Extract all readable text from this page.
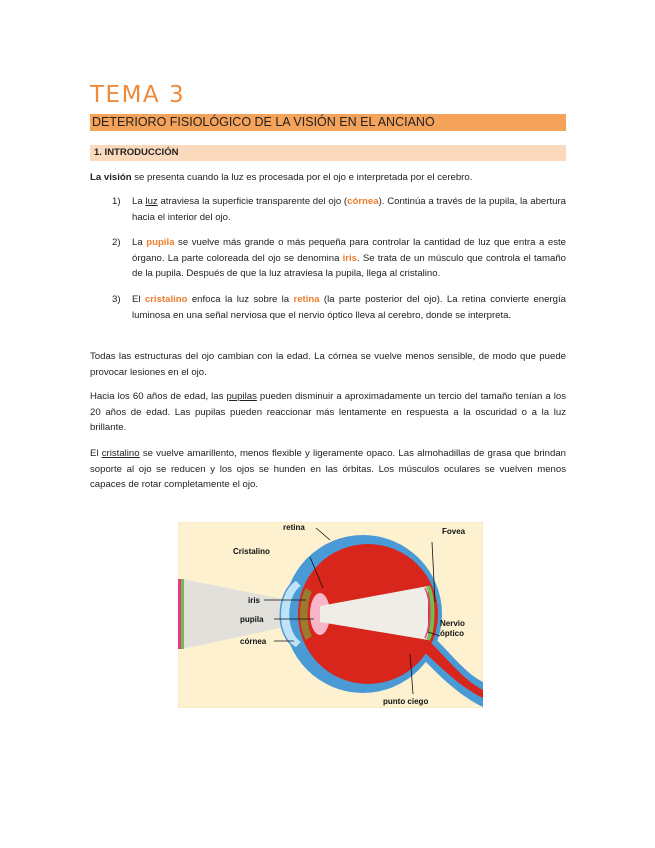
TEMA 3
DETERIORO FISIOLÓGICO DE LA VISIÓN EN EL ANCIANO
1. INTRODUCCIÓN
La visión se presenta cuando la luz es procesada por el ojo e interpretada por el cerebro.
1) La luz atraviesa la superficie transparente del ojo (córnea). Continúa a través de la pupila, la abertura hacia el interior del ojo.
2) La pupila se vuelve más grande o más pequeña para controlar la cantidad de luz que entra a este órgano. La parte coloreada del ojo se denomina iris. Se trata de un músculo que controla el tamaño de la pupila. Después de que la luz atraviesa la pupila, llega al cristalino.
3) El cristalino enfoca la luz sobre la retina (la parte posterior del ojo). La retina convierte energía luminosa en una señal nerviosa que el nervio óptico lleva al cerebro, donde se interpreta.
Todas las estructuras del ojo cambian con la edad. La córnea se vuelve menos sensible, de modo que puede provocar lesiones en el ojo.
Hacia los 60 años de edad, las pupilas pueden disminuir a aproximadamente un tercio del tamaño tenían a los 20 años de edad. Las pupilas pueden reaccionar más lentamente en respuesta a la oscuridad o a la luz brillante.
El cristalino se vuelve amarillento, menos flexible y ligeramente opaco. Las almohadillas de grasa que brindan soporte al ojo se reducen y los ojos se hunden en las órbitas. Los músculos oculares se vuelven menos capaces de rotar completamente el ojo.
retina	Fovea
Cristalino
iris
pupila
córnea
Nervio
óptico
punto ciego
